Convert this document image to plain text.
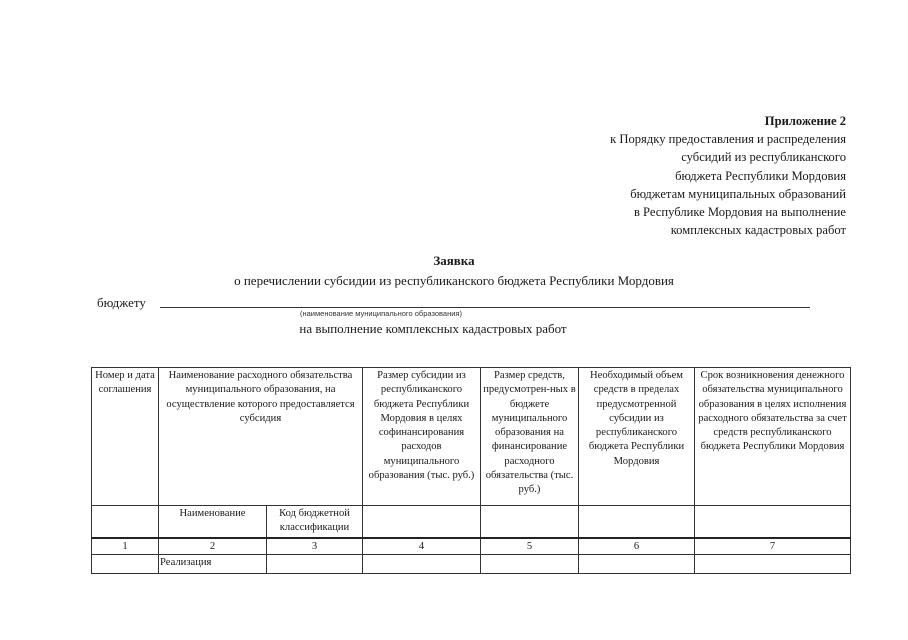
Приложение 2
к Порядку предоставления и распределения
субсидий из республиканского
бюджета Республики Мордовия
бюджетам муниципальных образований
в Республике Мордовия на выполнение
комплексных кадастровых работ
Заявка
о перечислении субсидии из республиканского бюджета Республики Мордовия
бюджету
(наименование муниципального образования)
на выполнение комплексных кадастровых работ
Номер и дата соглашения	Наименование расходного обязательства муниципального образования, на осуществление которого предоставляется субсидия		Размер субсидии из республиканского бюджета Республики Мордовия в целях софинансирования расходов муниципального образования (тыс. руб.)	Размер средств, предусмотрен-ных в бюджете муниципального образования на финансирование расходного обязательства (тыс. руб.)	Необходимый объем средств в пределах предусмотренной субсидии из республиканского бюджета Республики Мордовия	Срок возникновения денежного обязательства муниципального образования в целях исполнения расходного обязательства за счет средств республиканского бюджета Республики Мордовия
	Наименование	Код бюджетной классификации				
1	2	3	4	5	6	7
	Реализация					
